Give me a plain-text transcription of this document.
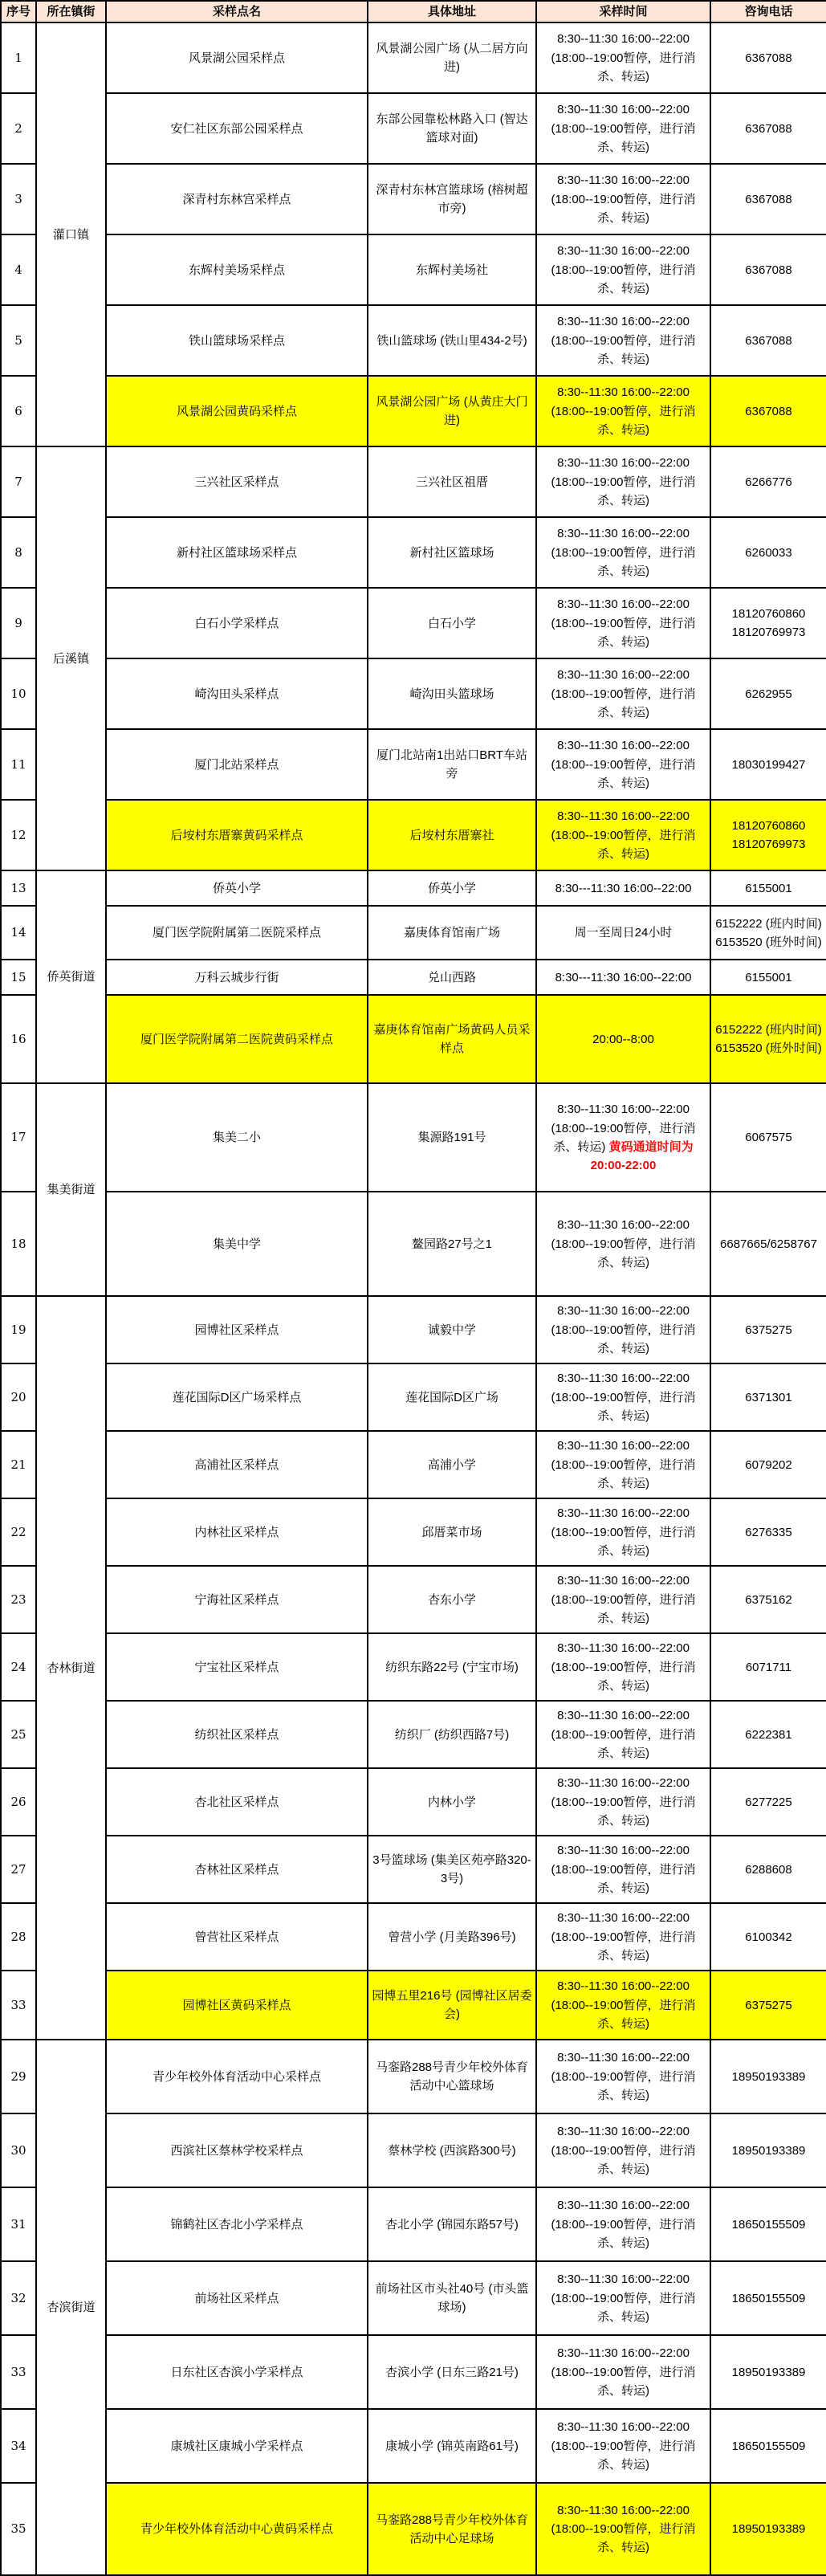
序号	所在镇街	采样点名	具体地址	采样时间	咨询电话
1	灌口镇	风景湖公园采样点	风景湖公园广场 (从二居方向进)	8:30--11:30 16:00--22:00 (18:00--19:00暂停，进行消杀、转运)	6367088
2		安仁社区东部公园采样点	东部公园靠松林路入口 (智达篮球对面)	8:30--11:30 16:00--22:00 (18:00--19:00暂停，进行消杀、转运)	6367088
3		深青村东林宫采样点	深青村东林宫篮球场 (榕树超市旁)	8:30--11:30 16:00--22:00 (18:00--19:00暂停，进行消杀、转运)	6367088
4		东辉村美场采样点	东辉村美场社	8:30--11:30 16:00--22:00 (18:00--19:00暂停，进行消杀、转运)	6367088
5		铁山篮球场采样点	铁山篮球场 (铁山里434-2号)	8:30--11:30 16:00--22:00 (18:00--19:00暂停，进行消杀、转运)	6367088
6		风景湖公园黄码采样点	风景湖公园广场 (从黄庄大门进)	8:30--11:30 16:00--22:00 (18:00--19:00暂停，进行消杀、转运)	6367088
7	后溪镇	三兴社区采样点	三兴社区祖厝	8:30--11:30 16:00--22:00 (18:00--19:00暂停，进行消杀、转运)	6266776
8		新村社区篮球场采样点	新村社区篮球场	8:30--11:30 16:00--22:00 (18:00--19:00暂停，进行消杀、转运)	6260033
9		白石小学采样点	白石小学	8:30--11:30 16:00--22:00 (18:00--19:00暂停，进行消杀、转运)	18120760860 18120769973
10		崎沟田头采样点	崎沟田头篮球场	8:30--11:30 16:00--22:00 (18:00--19:00暂停，进行消杀、转运)	6262955
11		厦门北站采样点	厦门北站南1出站口BRT车站旁	8:30--11:30 16:00--22:00 (18:00--19:00暂停，进行消杀、转运)	18030199427
12		后垵村东厝寨黄码采样点	后垵村东厝寨社	8:30--11:30 16:00--22:00 (18:00--19:00暂停，进行消杀、转运)	18120760860 18120769973
13	侨英街道	侨英小学	侨英小学	8:30---11:30 16:00--22:00	6155001
14		厦门医学院附属第二医院采样点	嘉庚体育馆南广场	周一至周日24小时	6152222 (班内时间) 6153520 (班外时间)
15		万科云城步行街	兑山西路	8:30---11:30 16:00--22:00	6155001
16		厦门医学院附属第二医院黄码采样点	嘉庚体育馆南广场黄码人员采样点	20:00--8:00	6152222 (班内时间) 6153520 (班外时间)
17	集美街道	集美二小	集源路191号	8:30--11:30 16:00--22:00 (18:00--19:00暂停，进行消杀、转运) 黄码通道时间为 20:00-22:00	6067575
18		集美中学	鳌园路27号之1	8:30--11:30 16:00--22:00 (18:00--19:00暂停，进行消杀、转运)	6687665/6258767
19	杏林街道	园博社区采样点	诚毅中学	8:30--11:30 16:00--22:00 (18:00--19:00暂停，进行消杀、转运)	6375275
20		莲花国际D区广场采样点	莲花国际D区广场	8:30--11:30 16:00--22:00 (18:00--19:00暂停，进行消杀、转运)	6371301
21		高浦社区采样点	高浦小学	8:30--11:30 16:00--22:00 (18:00--19:00暂停，进行消杀、转运)	6079202
22		内林社区采样点	邱厝菜市场	8:30--11:30 16:00--22:00 (18:00--19:00暂停，进行消杀、转运)	6276335
23		宁海社区采样点	杏东小学	8:30--11:30 16:00--22:00 (18:00--19:00暂停，进行消杀、转运)	6375162
24		宁宝社区采样点	纺织东路22号 (宁宝市场)	8:30--11:30 16:00--22:00 (18:00--19:00暂停，进行消杀、转运)	6071711
25		纺织社区采样点	纺织厂 (纺织西路7号)	8:30--11:30 16:00--22:00 (18:00--19:00暂停，进行消杀、转运)	6222381
26		杏北社区采样点	内林小学	8:30--11:30 16:00--22:00 (18:00--19:00暂停，进行消杀、转运)	6277225
27		杏林社区采样点	3号篮球场 (集美区苑亭路320-3号)	8:30--11:30 16:00--22:00 (18:00--19:00暂停，进行消杀、转运)	6288608
28		曾营社区采样点	曾营小学 (月美路396号)	8:30--11:30 16:00--22:00 (18:00--19:00暂停，进行消杀、转运)	6100342
33		园博社区黄码采样点	园博五里216号 (园博社区居委会)	8:30--11:30 16:00--22:00 (18:00--19:00暂停，进行消杀、转运)	6375275
29	杏滨街道	青少年校外体育活动中心采样点	马銮路288号青少年校外体育活动中心篮球场	8:30--11:30 16:00--22:00 (18:00--19:00暂停，进行消杀、转运)	18950193389
30		西滨社区蔡林学校采样点	蔡林学校 (西滨路300号)	8:30--11:30 16:00--22:00 (18:00--19:00暂停，进行消杀、转运)	18950193389
31		锦鹤社区杏北小学采样点	杏北小学 (锦园东路57号)	8:30--11:30 16:00--22:00 (18:00--19:00暂停，进行消杀、转运)	18650155509
32		前场社区采样点	前场社区市头社40号 (市头篮球场)	8:30--11:30 16:00--22:00 (18:00--19:00暂停，进行消杀、转运)	18650155509
33		日东社区杏滨小学采样点	杏滨小学 (日东三路21号)	8:30--11:30 16:00--22:00 (18:00--19:00暂停，进行消杀、转运)	18950193389
34		康城社区康城小学采样点	康城小学 (锦英南路61号)	8:30--11:30 16:00--22:00 (18:00--19:00暂停，进行消杀、转运)	18650155509
35		青少年校外体育活动中心黄码采样点	马銮路288号青少年校外体育活动中心足球场	8:30--11:30 16:00--22:00 (18:00--19:00暂停，进行消杀、转运)	18950193389
